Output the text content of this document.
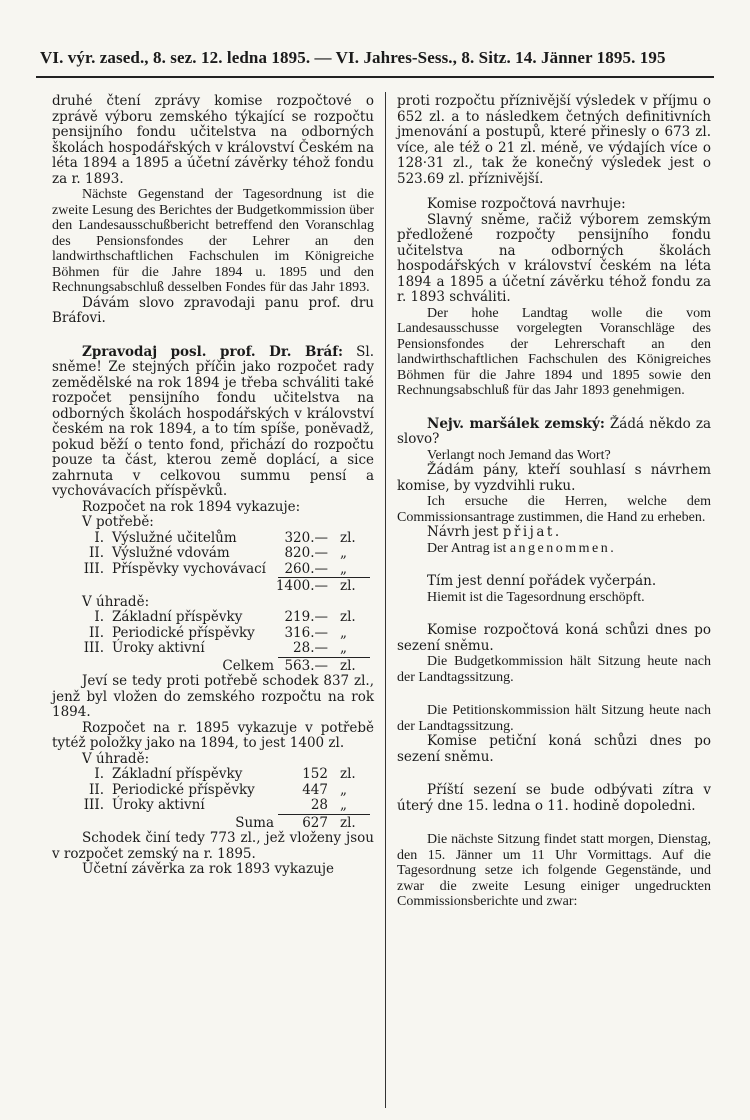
VI. výr. zased., 8. sez. 12. ledna 1895. — VI. Jahres-Sess., 8. Sitz. 14. Jänner 1895. 195

druhé čtení zprávy komise rozpočtové o zprávě výboru zemského týkající se rozpočtu pensijního fondu učitelstva na odborných školách hospodářských v království Českém na léta 1894 a 1895 a účetní závěrky téhož fondu za r. 1893.

Nächste Gegenstand der Tagesordnung ist die zweite Lesung des Berichtes der Budgetkommission über den Landesausschußbericht betreffend den Voranschlag des Pensionsfondes der Lehrer an den landwirthschaftlichen Fachschulen im Königreiche Böhmen für die Jahre 1894 u. 1895 und den Rechnungsabschluß desselben Fondes für das Jahr 1893.

Dávám slovo zpravodaji panu prof. dru Bráfovi.

Zpravodaj posl. prof. Dr. Bráf: Sl. sněme! Ze stejných příčin jako rozpočet rady zemědělské na rok 1894 je třeba schváliti také rozpočet pensijního fondu učitelstva na odborných školách hospodářských v království českém na rok 1894, a to tím spíše, poněvadž, pokud běží o tento fond, přichází do rozpočtu pouze ta část, kterou země doplácí, a sice zahrnuta v celkovou summu pensí a vychovávacích příspěvků.

Rozpočet na rok 1894 vykazuje:

V potřebě:

I. Výslužné učitelům	320.— zl.
II. Výslužné vdovám	820.— „
III. Příspěvky vychovávací 260.— „
1400.— zl.

V úhradě:

I. Základní příspěvky	219.— zl.
II. Periodické příspěvky 316.— „
III. Úroky aktivní	28.— „
Celkem 563.— zl.

Jeví se tedy proti potřebě schodek 837 zl., jenž byl vložen do zemského rozpočtu na rok 1894.

Rozpočet na r. 1895 vykazuje v potřebě tytéž položky jako na 1894, to jest 1400 zl.

V úhradě:

I. Základní příspěvky	152 zl.
II. Periodické příspěvky	447 „
III. Úroky aktivní	28 „
Suma 627 zl.

Schodek činí tedy 773 zl., jež vloženy jsou v rozpočet zemský na r. 1895.

Účetní závěrka za rok 1893 vykazuje

proti rozpočtu příznivější výsledek v příjmu o 652 zl. a to následkem četných definitivních jmenování a postupů, které přinesly o 673 zl. více, ale též o 21 zl. méně, ve výdajích více o 128·31 zl., tak že konečný výsledek jest o 523.69 zl. příznivější.

Komise rozpočtová navrhuje:

Slavný sněme, račiž výborem zemským předložené rozpočty pensijního fondu učitelstva na odborných školách hospodářských v království českém na léta 1894 a 1895 a účetní závěrku téhož fondu za r. 1893 schváliti.

Der hohe Landtag wolle die vom Landesausschusse vorgelegten Voranschläge des Pensionsfondes der Lehrerschaft an den landwirthschaftlichen Fachschulen des Königreiches Böhmen für die Jahre 1894 und 1895 sowie den Rechnungsabschluß für das Jahr 1893 genehmigen.

Nejv. maršálek zemský: Žádá někdo za slovo?

Verlangt noch Jemand das Wort?

Žádám pány, kteří souhlasí s návrhem komise, by vyzdvihli ruku.

Ich ersuche die Herren, welche dem Commissionsantrage zustimmen, die Hand zu erheben.

Návrh jest přijat.

Der Antrag ist angenommen.

Tím jest denní pořádek vyčerpán.

Hiemit ist die Tagesordnung erschöpft.

Komise rozpočtová koná schůzi dnes po sezení sněmu.

Die Budgetkommission hält Sitzung heute nach der Landtagssitzung.

Die Petitionskommission hält Sitzung heute nach der Landtagssitzung.

Komise petiční koná schůzi dnes po sezení sněmu.

Příští sezení se bude odbývati zítra v úterý dne 15. ledna o 11. hodině dopoledni.

Die nächste Sitzung findet statt morgen, Dienstag, den 15. Jänner um 11 Uhr Vormittags. Auf die Tagesordnung setze ich folgende Gegenstände, und zwar die zweite Lesung einiger ungedruckten Commissionsberichte und zwar:
